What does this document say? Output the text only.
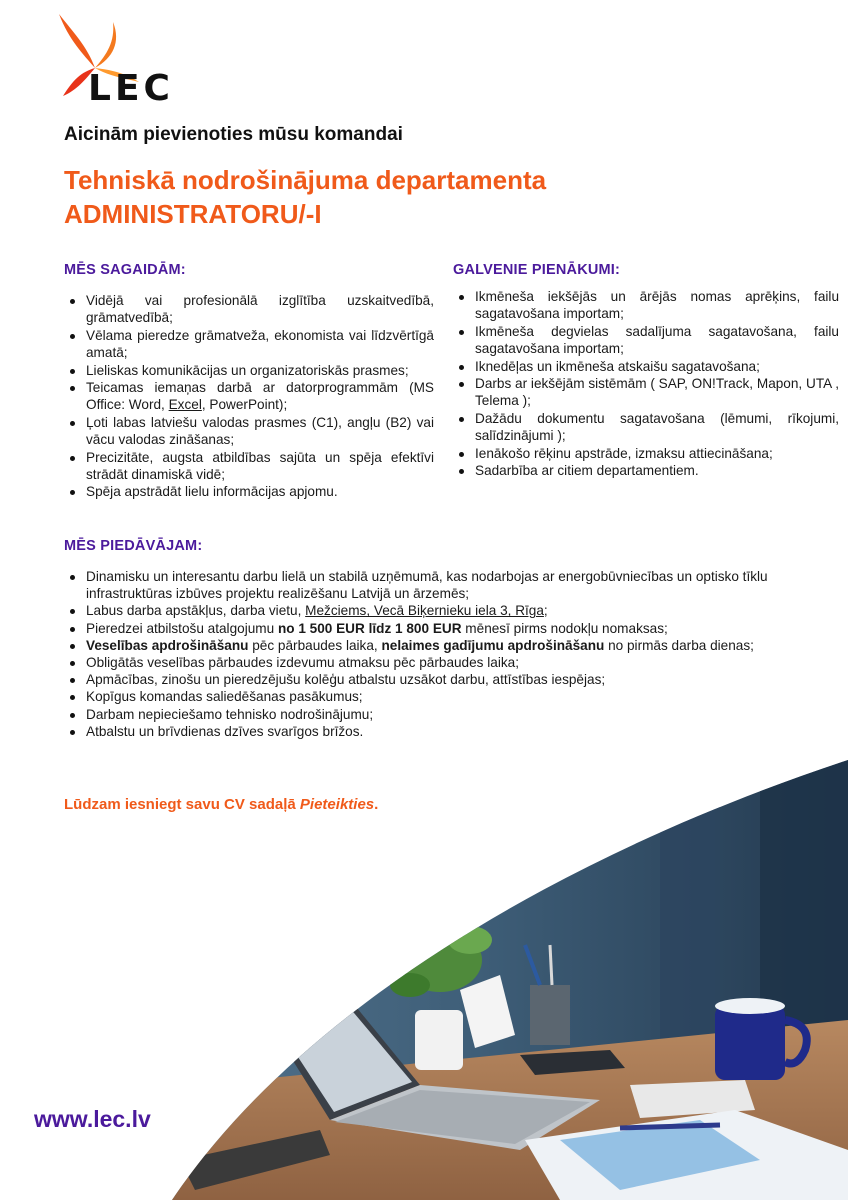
LEC
Aicinām pievienoties mūsu komandai
Tehniskā nodrošinājuma departamenta
ADMINISTRATORU/-I
MĒS SAGAIDĀM:
Vidējā vai profesionālā izglītība uzskaitvedībā, grāmatvedībā;
Vēlama pieredze grāmatveža, ekonomista vai līdzvērtīgā amatā;
Lieliskas komunikācijas un organizatoriskās prasmes;
Teicamas iemaņas darbā ar datorprogrammām (MS Office: Word, Excel, PowerPoint);
Ļoti labas latviešu valodas prasmes (C1), angļu (B2) vai vācu valodas zināšanas;
Precizitāte, augsta atbildības sajūta un spēja efektīvi strādāt dinamiskā vidē;
Spēja apstrādāt lielu informācijas apjomu.
GALVENIE PIENĀKUMI:
Ikmēneša iekšējās un ārējās nomas aprēķins, failu sagatavošana importam;
Ikmēneša degvielas sadalījuma sagatavošana, failu sagatavošana importam;
Iknedēļas un ikmēneša atskaišu sagatavošana;
Darbs ar iekšējām sistēmām ( SAP, ON!Track, Mapon, UTA , Telema );
Dažādu dokumentu sagatavošana (lēmumi, rīkojumi, salīdzinājumi );
Ienākošo rēķinu apstrāde, izmaksu attiecināšana;
Sadarbība ar citiem departamentiem.
MĒS PIEDĀVĀJAM:
Dinamisku un interesantu darbu lielā un stabilā uzņēmumā, kas nodarbojas ar energobūvniecības un optisko tīklu infrastruktūras izbūves projektu realizēšanu Latvijā un ārzemēs;
Labus darba apstākļus, darba vietu, Mežciems, Vecā Biķernieku iela 3, Rīga;
Pieredzei atbilstošu atalgojumu no 1 500 EUR līdz 1 800 EUR mēnesī pirms nodokļu nomaksas;
Veselības apdrošināšanu pēc pārbaudes laika, nelaimes gadījumu apdrošināšanu no pirmās darba dienas;
Obligātās veselības pārbaudes izdevumu atmaksu pēc pārbaudes laika;
Apmācības, zinošu un pieredzējušu kolēģu atbalstu uzsākot darbu, attīstības iespējas;
Kopīgus komandas saliedēšanas pasākumus;
Darbam nepieciešamo tehnisko nodrošinājumu;
Atbalstu un brīvdienas dzīves svarīgos brīžos.
Lūdzam iesniegt savu CV sadaļā Pieteikties.
www.lec.lv
